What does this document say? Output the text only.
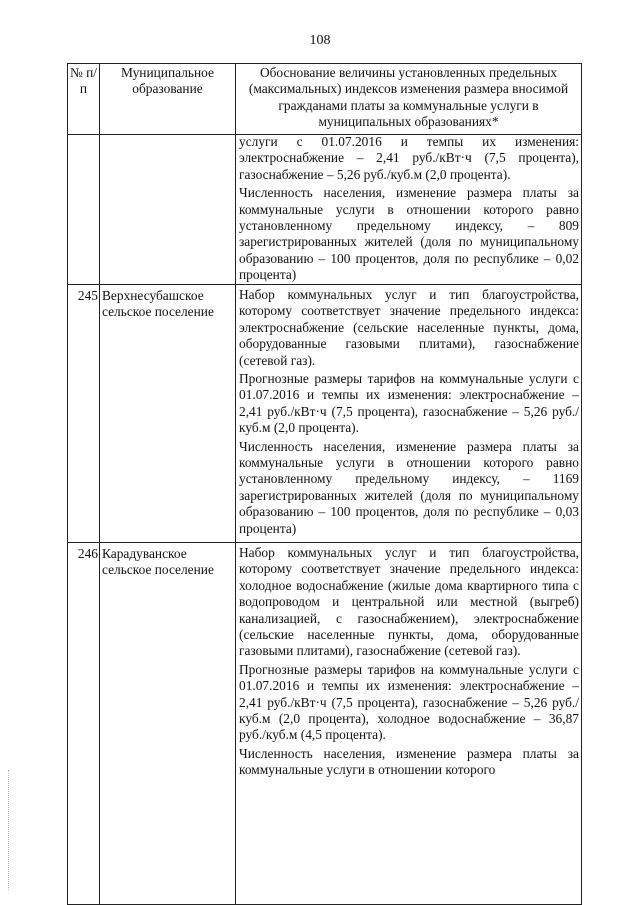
108
№ п/п	Муниципальное образование	Обоснование величины установленных предельных (максимальных) индексов изменения размера вносимой гражданами платы за коммунальные услуги в муниципальных образованиях*

		услуги с 01.07.2016 и темпы их изменения: электроснабжение – 2,41 руб./кВт·ч (7,5 процента), газоснабжение – 5,26 руб./куб.м (2,0 процента).

Численность населения, изменение размера платы за коммунальные услуги в отношении которого равно установленному предельному индексу, – 809 зарегистрированных жителей (доля по муниципальному образованию – 100 процентов, доля по республике – 0,02 процента)

245	Верхнесубашское сельское поселение	Набор коммунальных услуг и тип благоустройства, которому соответствует значение предельного индекса: электроснабжение (сельские населенные пункты, дома, оборудованные газовыми плитами), газоснабжение (сетевой газ).

Прогнозные размеры тарифов на коммунальные услуги с 01.07.2016 и темпы их изменения: электроснабжение – 2,41 руб./кВт·ч (7,5 процента), газоснабжение – 5,26 руб./куб.м (2,0 процента).

Численность населения, изменение размера платы за коммунальные услуги в отношении которого равно установленному предельному индексу, – 1169 зарегистрированных жителей (доля по муниципальному образованию – 100 процентов, доля по республике – 0,03 процента)

246	Карадуванское сельское поселение	Набор коммунальных услуг и тип благоустройства, которому соответствует значение предельного индекса: холодное водоснабжение (жилые дома квартирного типа с водопроводом и центральной или местной (выгреб) канализацией, с газоснабжением), электроснабжение (сельские населенные пункты, дома, оборудованные газовыми плитами), газоснабжение (сетевой газ).

Прогнозные размеры тарифов на коммунальные услуги с 01.07.2016 и темпы их изменения: электроснабжение – 2,41 руб./кВт·ч (7,5 процента), газоснабжение – 5,26 руб./куб.м (2,0 процента), холодное водоснабжение – 36,87 руб./куб.м (4,5 процента).

Численность населения, изменение размера платы за коммунальные услуги в отношении которого
